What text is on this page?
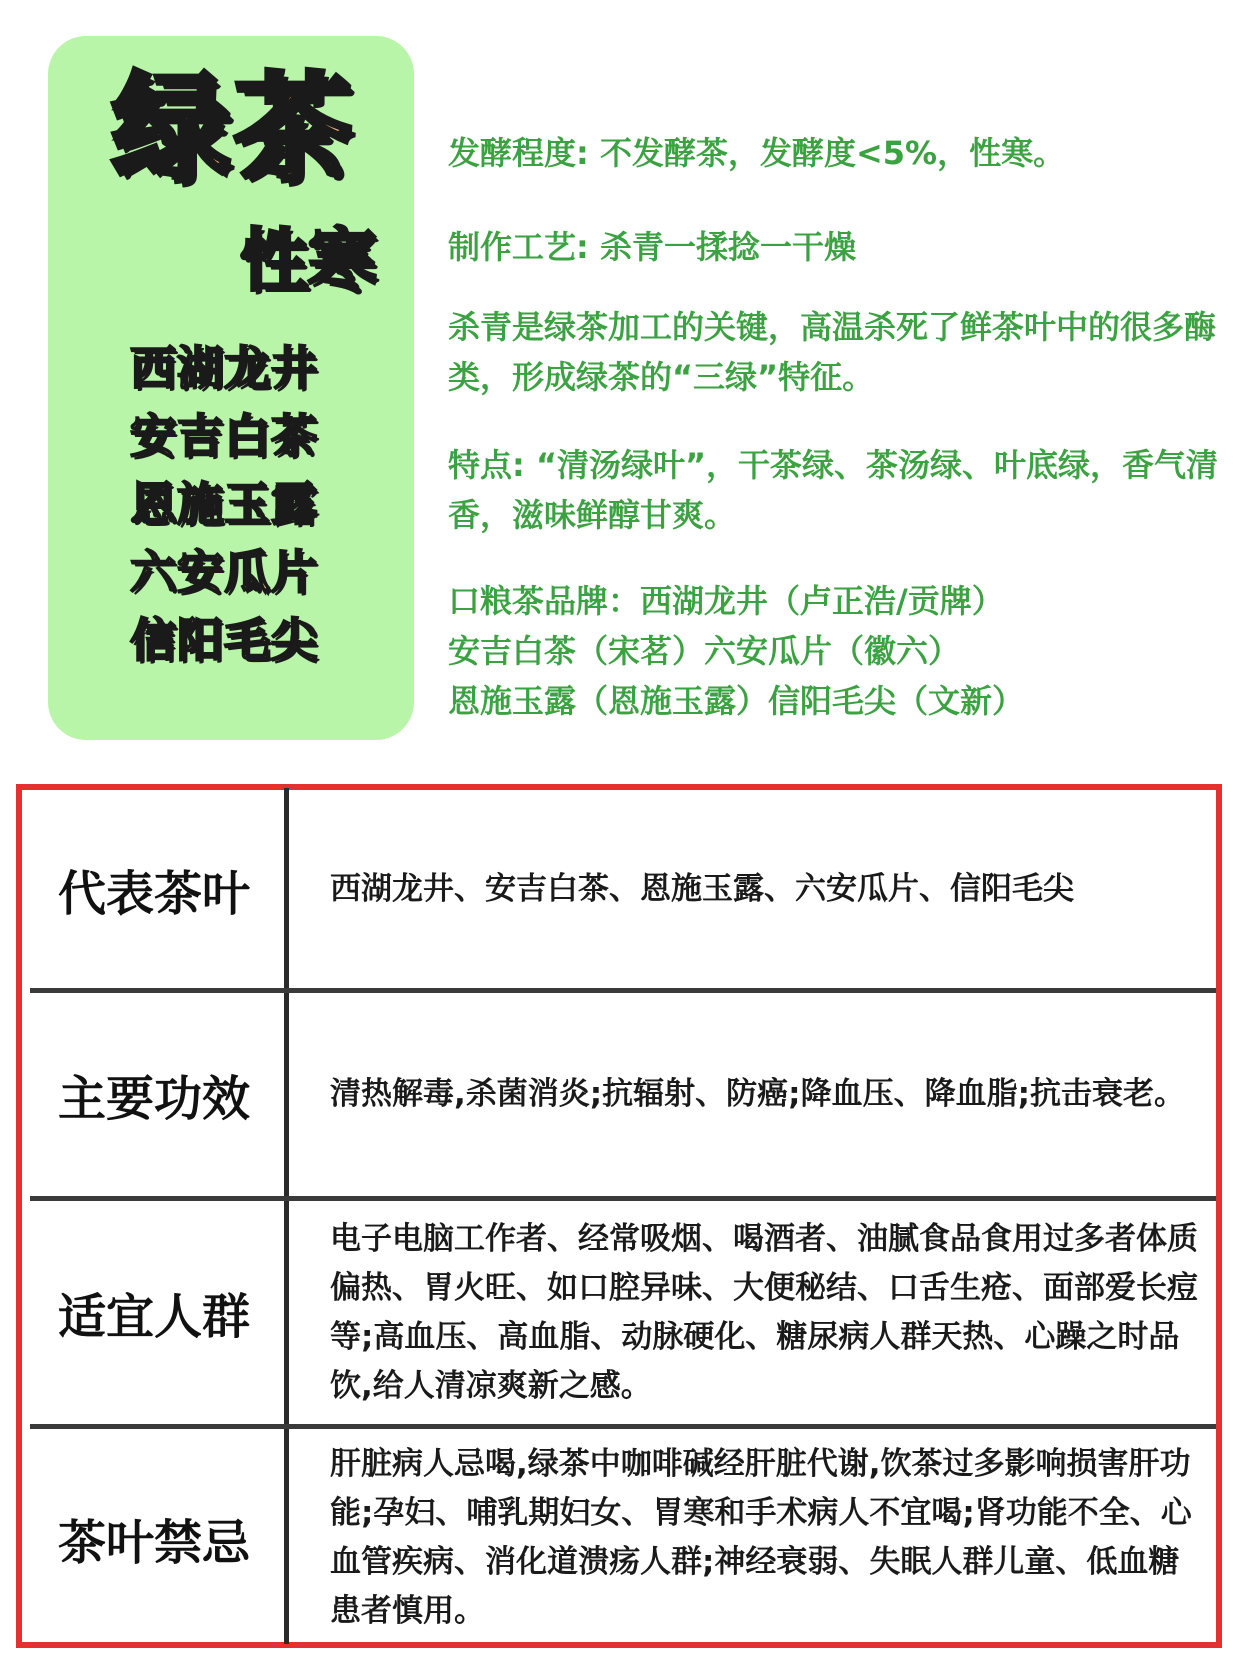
绿茶
性寒
西湖龙井
安吉白茶
恩施玉露
六安瓜片
信阳毛尖

发酵程度: 不发酵茶，发酵度<5%，性寒。

制作工艺: 杀青一揉捻一干燥

杀青是绿茶加工的关键，高温杀死了鲜茶叶中的很多酶类，形成绿茶的“三绿”特征。

特点: “清汤绿叶”，干茶绿、茶汤绿、叶底绿，香气清香，滋味鲜醇甘爽。

口粮茶品牌：西湖龙井（卢正浩/贡牌）

安吉白茶（宋茗）六安瓜片（徽六）

恩施玉露（恩施玉露）信阳毛尖（文新）

代表茶叶	西湖龙井、安吉白茶、恩施玉露、六安瓜片、信阳毛尖
主要功效	清热解毒,杀菌消炎;抗辐射、防癌;降血压、降血脂;抗击衰老。
适宜人群
电子电脑工作者、经常吸烟、喝酒者、油腻食品食用过多者体质偏热、胃火旺、如口腔异味、大便秘结、口舌生疮、面部爱长痘等;高血压、高血脂、动脉硬化、糖尿病人群天热、心躁之时品饮,给人清凉爽新之感。
茶叶禁忌
肝脏病人忌喝,绿茶中咖啡碱经肝脏代谢,饮茶过多影响损害肝功能;孕妇、哺乳期妇女、胃寒和手术病人不宜喝;肾功能不全、心血管疾病、消化道溃疡人群;神经衰弱、失眠人群儿童、低血糖患者慎用。
